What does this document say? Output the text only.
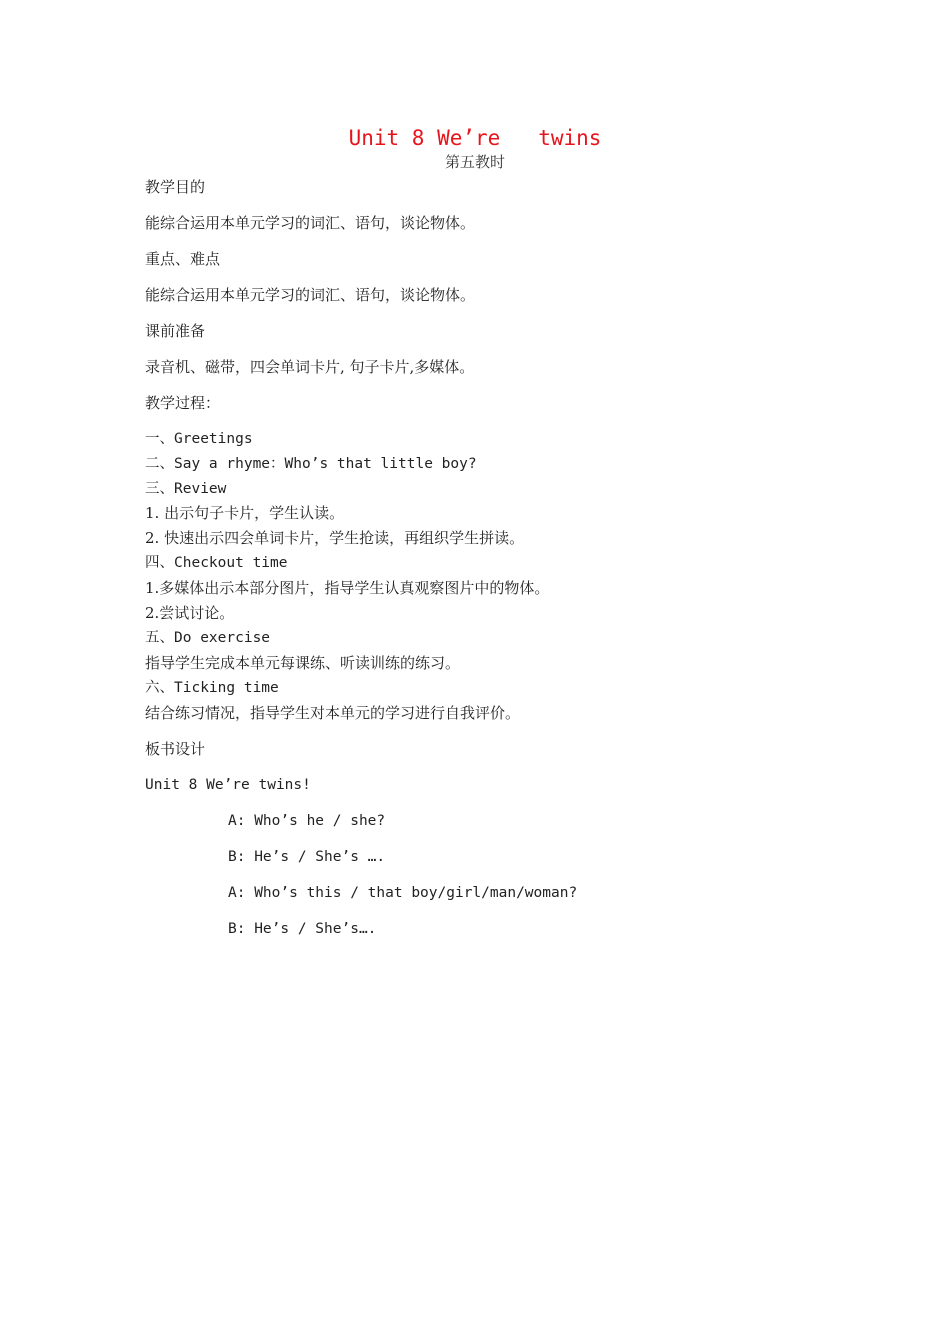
Unit 8 We’re   twins
第五教时
教学目的
能综合运用本单元学习的词汇、语句，谈论物体。
重点、难点
能综合运用本单元学习的词汇、语句，谈论物体。
课前准备
录音机、磁带，四会单词卡片, 句子卡片,多媒体。
教学过程：
一、Greetings
二、Say a rhyme：Who’s that little boy?
三、Review
1. 出示句子卡片，学生认读。
2. 快速出示四会单词卡片，学生抢读，再组织学生拼读。
四、Checkout time
1.多媒体出示本部分图片，指导学生认真观察图片中的物体。
2.尝试讨论。
五、Do exercise
指导学生完成本单元每课练、听读训练的练习。
六、Ticking time
结合练习情况，指导学生对本单元的学习进行自我评价。
板书设计
Unit 8 We’re twins!
A: Who’s he / she?
B: He’s / She’s ….
A: Who’s this / that boy/girl/man/woman?
B: He’s / She’s….
